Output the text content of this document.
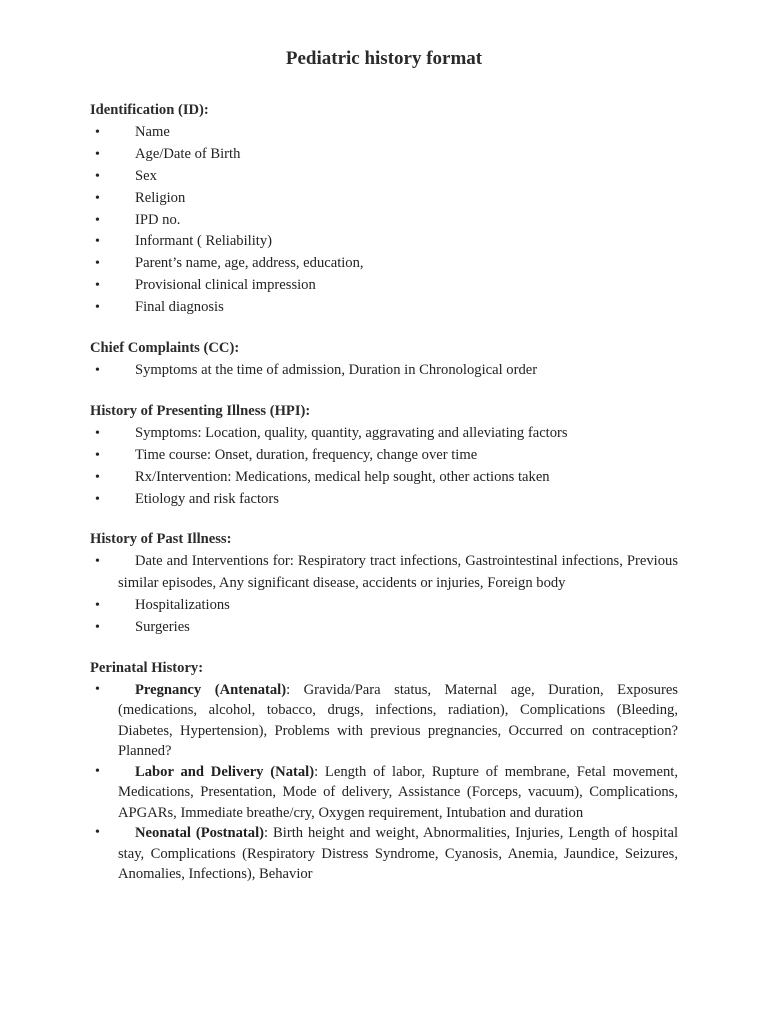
Pediatric history format
Identification (ID):
• Name
• Age/Date of Birth
• Sex
• Religion
• IPD no.
• Informant ( Reliability)
• Parent’s name, age, address, education,
• Provisional clinical impression
• Final diagnosis
Chief Complaints (CC):
• Symptoms at the time of admission, Duration in Chronological order
History of Presenting Illness (HPI):
• Symptoms: Location, quality, quantity, aggravating and alleviating factors
• Time course: Onset, duration, frequency, change over time
• Rx/Intervention: Medications, medical help sought, other actions taken
• Etiology and risk factors
History of Past Illness:
• Date and Interventions for: Respiratory tract infections, Gastrointestinal infections, Previous similar episodes, Any significant disease, accidents or injuries, Foreign body
• Hospitalizations
• Surgeries
Perinatal History:
• Pregnancy (Antenatal): Gravida/Para status, Maternal age, Duration, Exposures (medications, alcohol, tobacco, drugs, infections, radiation), Complications (Bleeding, Diabetes, Hypertension), Problems with previous pregnancies, Occurred on contraception? Planned?
• Labor and Delivery (Natal): Length of labor, Rupture of membrane, Fetal movement, Medications, Presentation, Mode of delivery, Assistance (Forceps, vacuum), Complications, APGARs, Immediate breathe/cry, Oxygen requirement, Intubation and duration
• Neonatal (Postnatal): Birth height and weight, Abnormalities, Injuries, Length of hospital stay, Complications (Respiratory Distress Syndrome, Cyanosis, Anemia, Jaundice, Seizures, Anomalies, Infections), Behavior
